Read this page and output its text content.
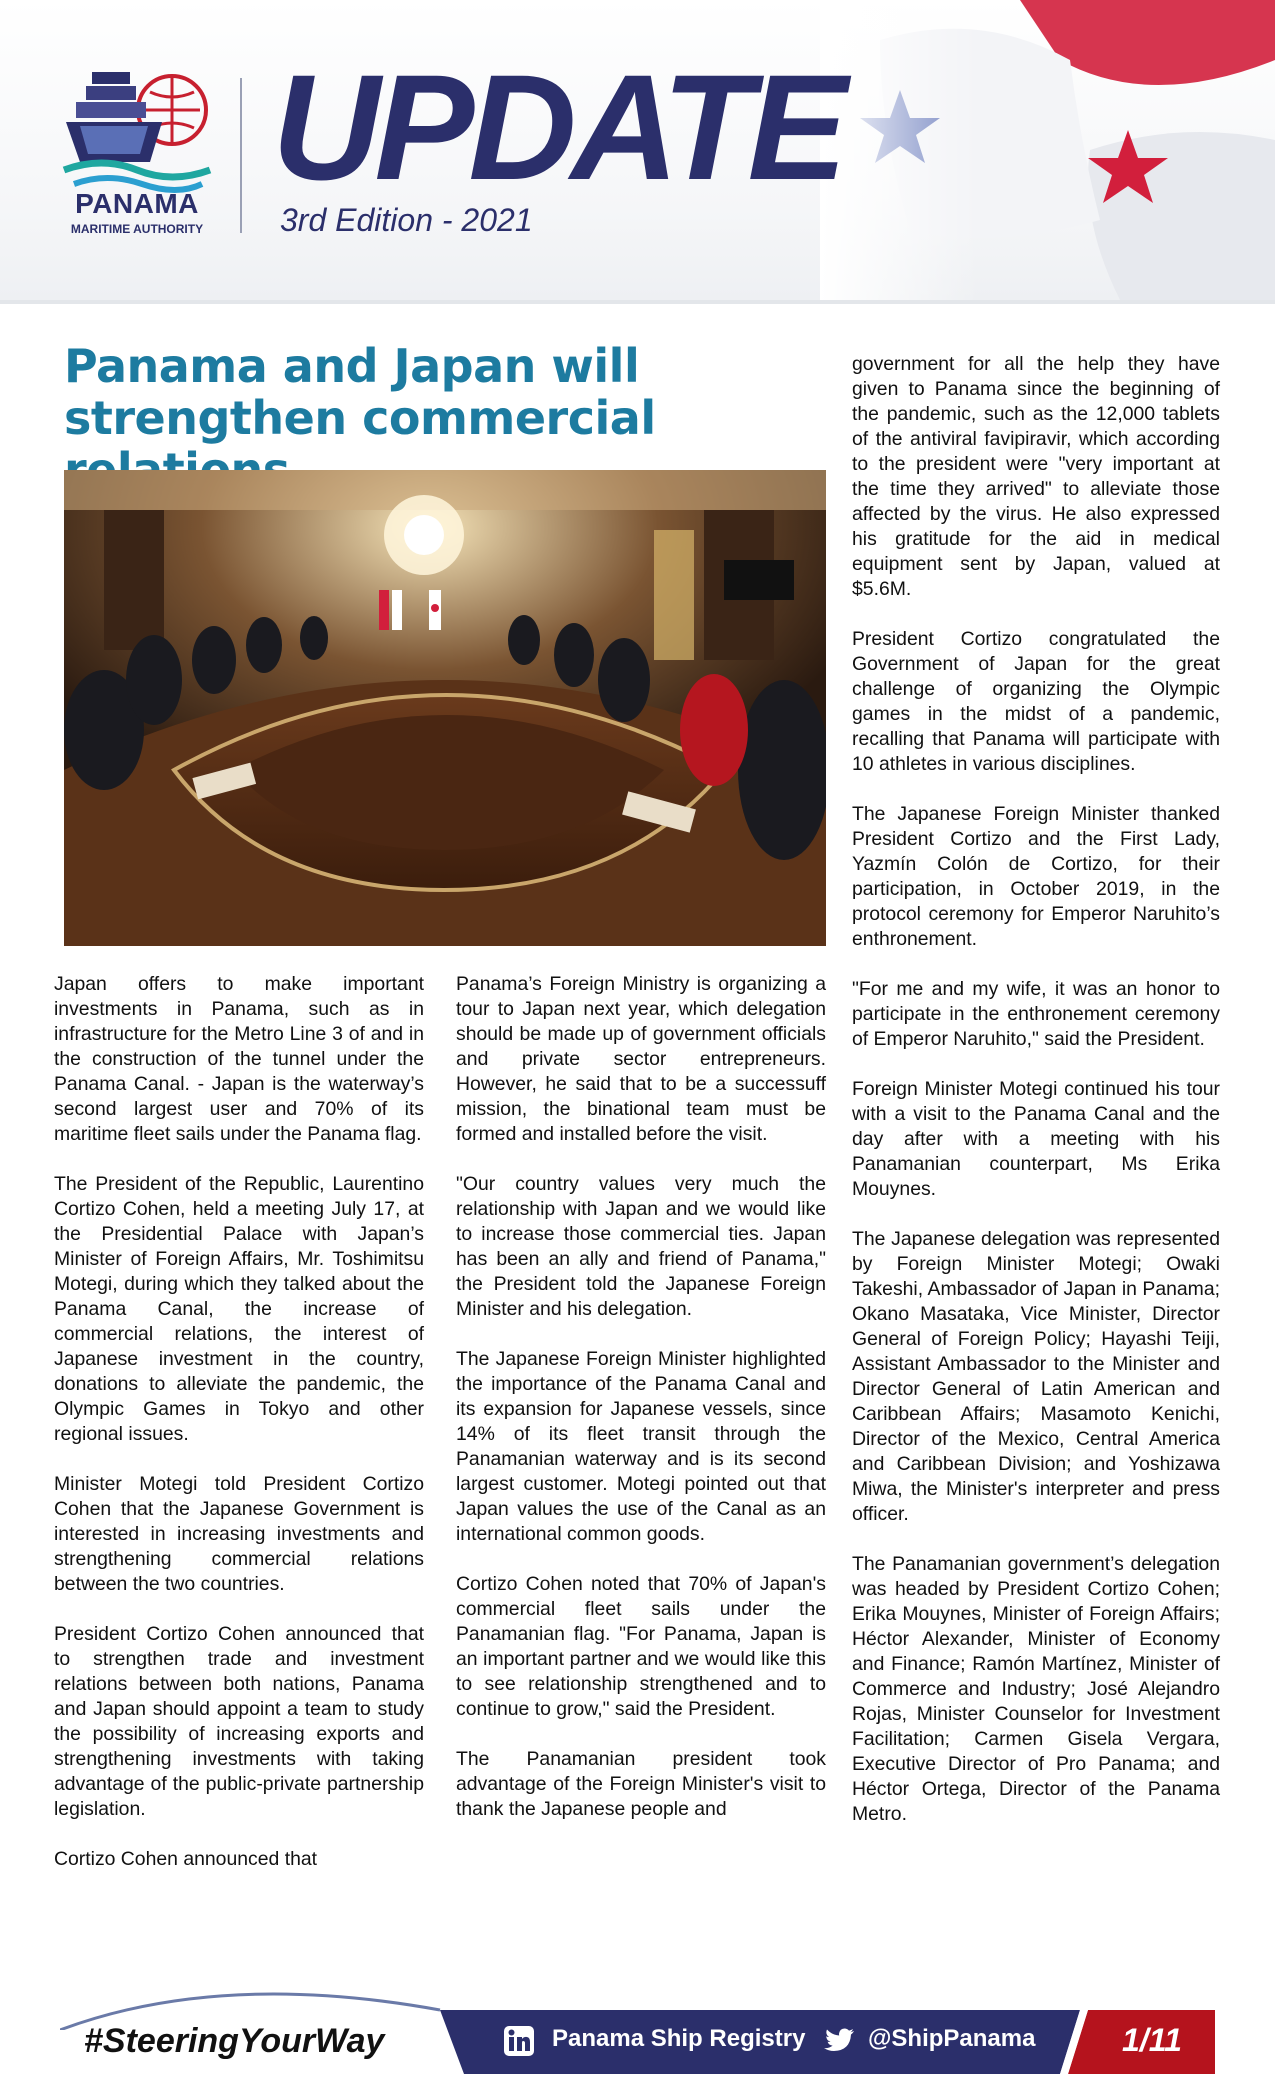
PANAMA
MARITIME AUTHORITY
UPDATE
3rd Edition - 2021
Panama and Japan will strengthen commercial

Japan offers to make important investments in Panama, such as in infrastructure for the Metro Line 3 of and in the construction of the tunnel under the Panama Canal. - Japan is the waterway’s second largest user and 70% of its maritime fleet sails under the Panama flag.

The President of the Republic, Laurentino Cortizo Cohen, held a meeting July 17, at the Presidential Palace with Japan’s Minister of Foreign Affairs, Mr. Toshimitsu Motegi, during which they talked about the Panama Canal, the increase of commercial relations, the interest of Japanese investment in the country, donations to alleviate the pandemic, the Olympic Games in Tokyo and other regional issues.

Minister Motegi told President Cortizo Cohen that the Japanese Government is interested in increasing investments and strengthening commercial relations between the two countries.

President Cortizo Cohen announced that to strengthen trade and investment relations between both nations, Panama and Japan should appoint a team to study the possibility of increasing exports and strengthening investments with taking advantage of the public-private partnership legislation.

Cortizo Cohen announced that

Panama’s Foreign Ministry is organizing a tour to Japan next year, which delegation should be made up of government officials and private sector entrepreneurs. However, he said that to be a successuff mission, the binational team must be formed and installed before the visit.

"Our country values very much the relationship with Japan and we would like to increase those commercial ties. Japan has been an ally and friend of Panama," the President told the Japanese Foreign Minister and his delegation.

The Japanese Foreign Minister highlighted the importance of the Panama Canal and its expansion for Japanese vessels, since 14% of its fleet transit through the Panamanian waterway and is its second largest customer. Motegi pointed out that Japan values the use of the Canal as an international common goods.

Cortizo Cohen noted that 70% of Japan's commercial fleet sails under the Panamanian flag. "For Panama, Japan is an important partner and we would like this to see relationship strengthened and to continue to grow," said the President.

The Panamanian president took advantage of the Foreign Minister's visit to thank the Japanese people and

government for all the help they have given to Panama since the beginning of the pandemic, such as the 12,000 tablets of the antiviral favipiravir, which according to the president were "very important at the time they arrived" to alleviate those affected by the virus. He also expressed his gratitude for the aid in medical equipment sent by Japan, valued at $5.6M.

President Cortizo congratulated the Government of Japan for the great challenge of organizing the Olympic games in the midst of a pandemic, recalling that Panama will participate with 10 athletes in various disciplines.

The Japanese Foreign Minister thanked President Cortizo and the First Lady, Yazmín Colón de Cortizo, for their participation, in October 2019, in the protocol ceremony for Emperor Naruhito’s enthronement.

"For me and my wife, it was an honor to participate in the enthronement ceremony of Emperor Naruhito," said the President.

Foreign Minister Motegi continued his tour with a visit to the Panama Canal and the day after with a meeting with his Panamanian counterpart, Ms Erika Mouynes.

The Japanese delegation was represented by Foreign Minister Motegi; Owaki Takeshi, Ambassador of Japan in Panama; Okano Masataka, Vice Minister, Director General of Foreign Policy; Hayashi Teiji, Assistant Ambassador to the Minister and Director General of Latin American and Caribbean Affairs; Masamoto Kenichi, Director of the Mexico, Central America and Caribbean Division; and Yoshizawa Miwa, the Minister's interpreter and press officer.

The Panamanian government’s delegation was headed by President Cortizo Cohen; Erika Mouynes, Minister of Foreign Affairs; Héctor Alexander, Minister of Economy and Finance; Ramón Martínez, Minister of Commerce and Industry; José Alejandro Rojas, Minister Counselor for Investment Facilitation; Carmen Gisela Vergara, Executive Director of Pro Panama; and Héctor Ortega, Director of the Panama Metro.

#SteeringYourWay	Panama Ship Registry	@ShipPanama	1/11
